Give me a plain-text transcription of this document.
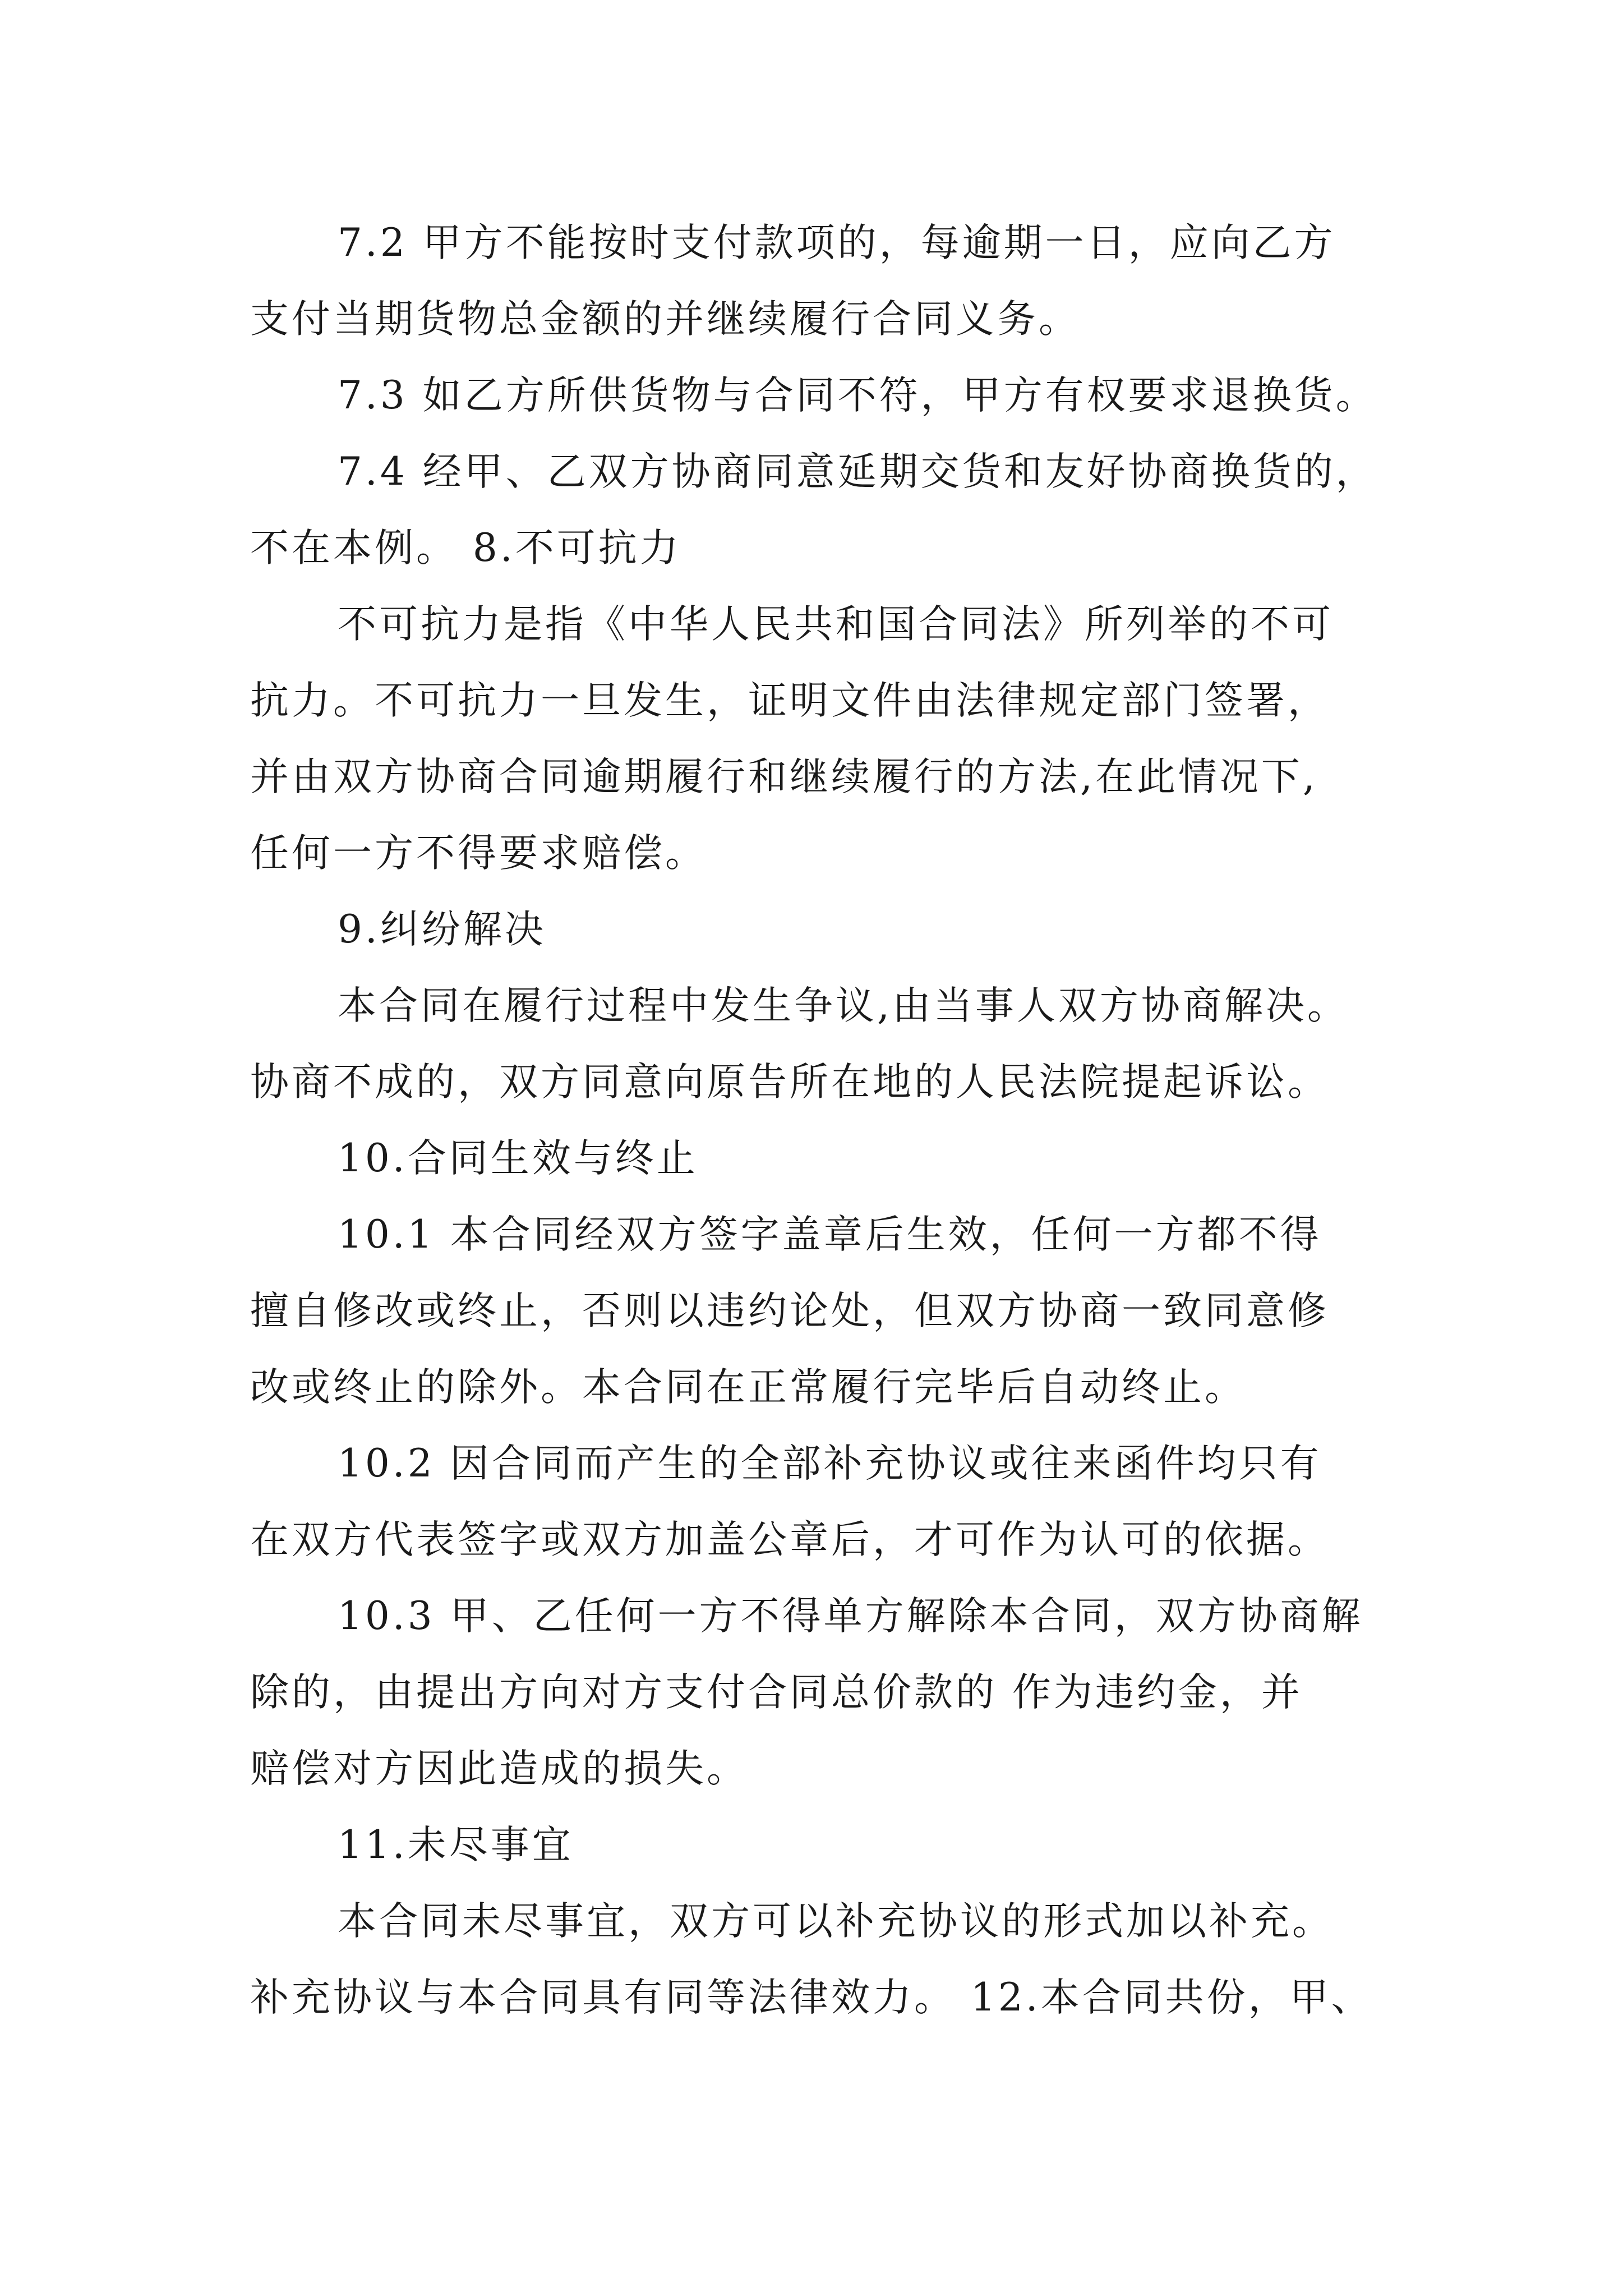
7.2 甲方不能按时支付款项的，每逾期一日，应向乙方
支付当期货物总金额的并继续履行合同义务。
7.3 如乙方所供货物与合同不符，甲方有权要求退换货。
7.4 经甲、乙双方协商同意延期交货和友好协商换货的，
不在本例。 8.不可抗力
不可抗力是指《中华人民共和国合同法》所列举的不可
抗力。不可抗力一旦发生，证明文件由法律规定部门签署，
并由双方协商合同逾期履行和继续履行的方法,在此情况下,
任何一方不得要求赔偿。
9.纠纷解决
本合同在履行过程中发生争议,由当事人双方协商解决。
协商不成的，双方同意向原告所在地的人民法院提起诉讼。
10.合同生效与终止
10.1 本合同经双方签字盖章后生效，任何一方都不得
擅自修改或终止，否则以违约论处，但双方协商一致同意修
改或终止的除外。本合同在正常履行完毕后自动终止。
10.2 因合同而产生的全部补充协议或往来函件均只有
在双方代表签字或双方加盖公章后，才可作为认可的依据。
10.3 甲、乙任何一方不得单方解除本合同，双方协商解
除的，由提出方向对方支付合同总价款的 作为违约金，并
赔偿对方因此造成的损失。
11.未尽事宜
本合同未尽事宜，双方可以补充协议的形式加以补充。
补充协议与本合同具有同等法律效力。 12.本合同共份，甲、
